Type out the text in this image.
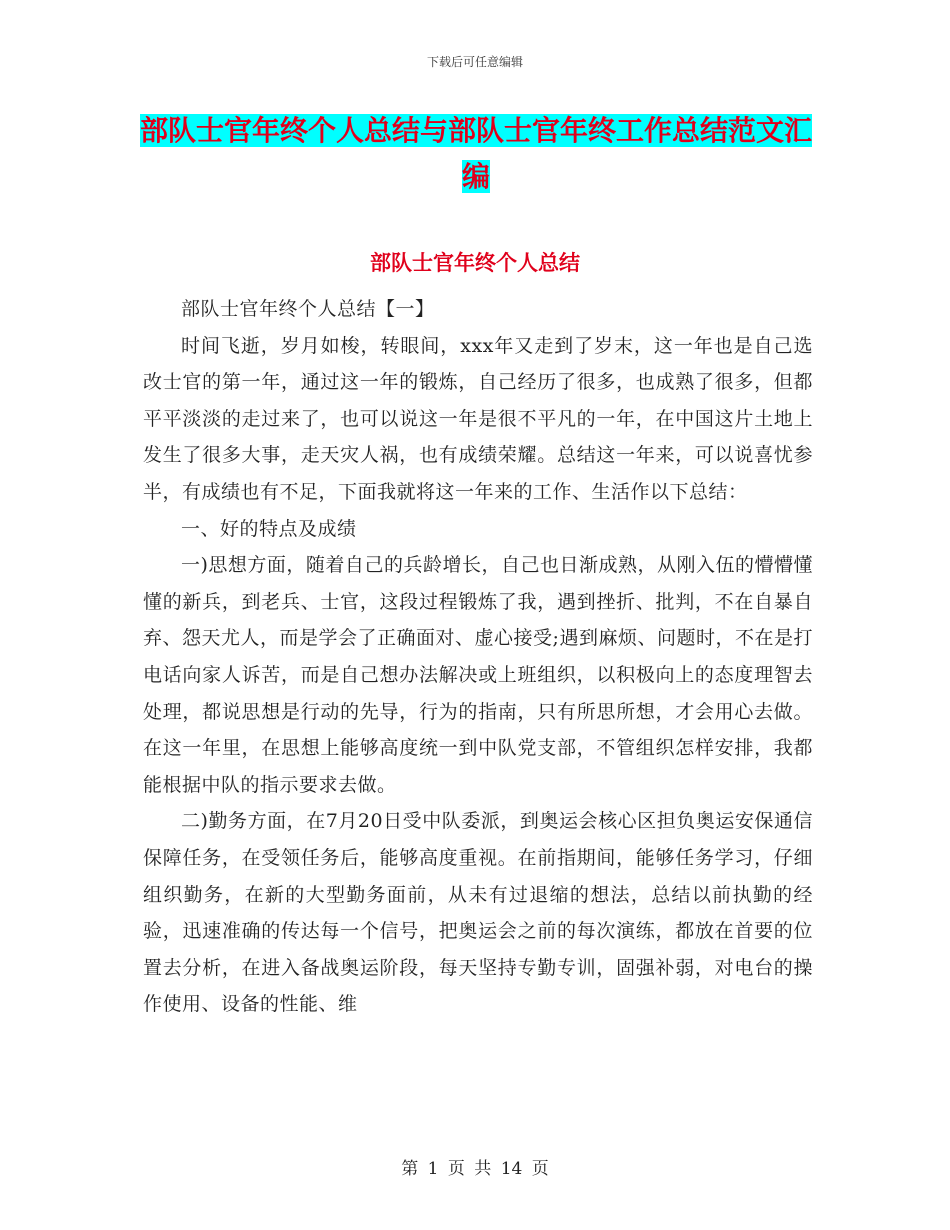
下载后可任意编辑
部队士官年终个人总结与部队士官年终工作总结范文汇编
部队士官年终个人总结

部队士官年终个人总结【一】

时间飞逝，岁月如梭，转眼间，xxx年又走到了岁末，这一年也是自己选改士官的第一年，通过这一年的锻炼，自己经历了很多，也成熟了很多，但都平平淡淡的走过来了，也可以说这一年是很不平凡的一年，在中国这片土地上发生了很多大事，走天灾人祸，也有成绩荣耀。总结这一年来，可以说喜忧参半，有成绩也有不足，下面我就将这一年来的工作、生活作以下总结：

一、好的特点及成绩

一)思想方面，随着自己的兵龄增长，自己也日渐成熟，从刚入伍的懵懵懂懂的新兵，到老兵、士官，这段过程锻炼了我，遇到挫折、批判，不在自暴自弃、怨天尤人，而是学会了正确面对、虚心接受;遇到麻烦、问题时，不在是打电话向家人诉苦，而是自己想办法解决或上班组织，以积极向上的态度理智去处理，都说思想是行动的先导，行为的指南，只有所思所想，才会用心去做。在这一年里，在思想上能够高度统一到中队党支部，不管组织怎样安排，我都能根据中队的指示要求去做。

二)勤务方面，在7月20日受中队委派，到奥运会核心区担负奥运安保通信保障任务，在受领任务后，能够高度重视。在前指期间，能够任务学习，仔细组织勤务，在新的大型勤务面前，从未有过退缩的想法，总结以前执勤的经验，迅速准确的传达每一个信号，把奥运会之前的每次演练，都放在首要的位置去分析，在进入备战奥运阶段，每天坚持专勤专训，固强补弱，对电台的操作使用、设备的性能、维

第 1 页 共 14 页
